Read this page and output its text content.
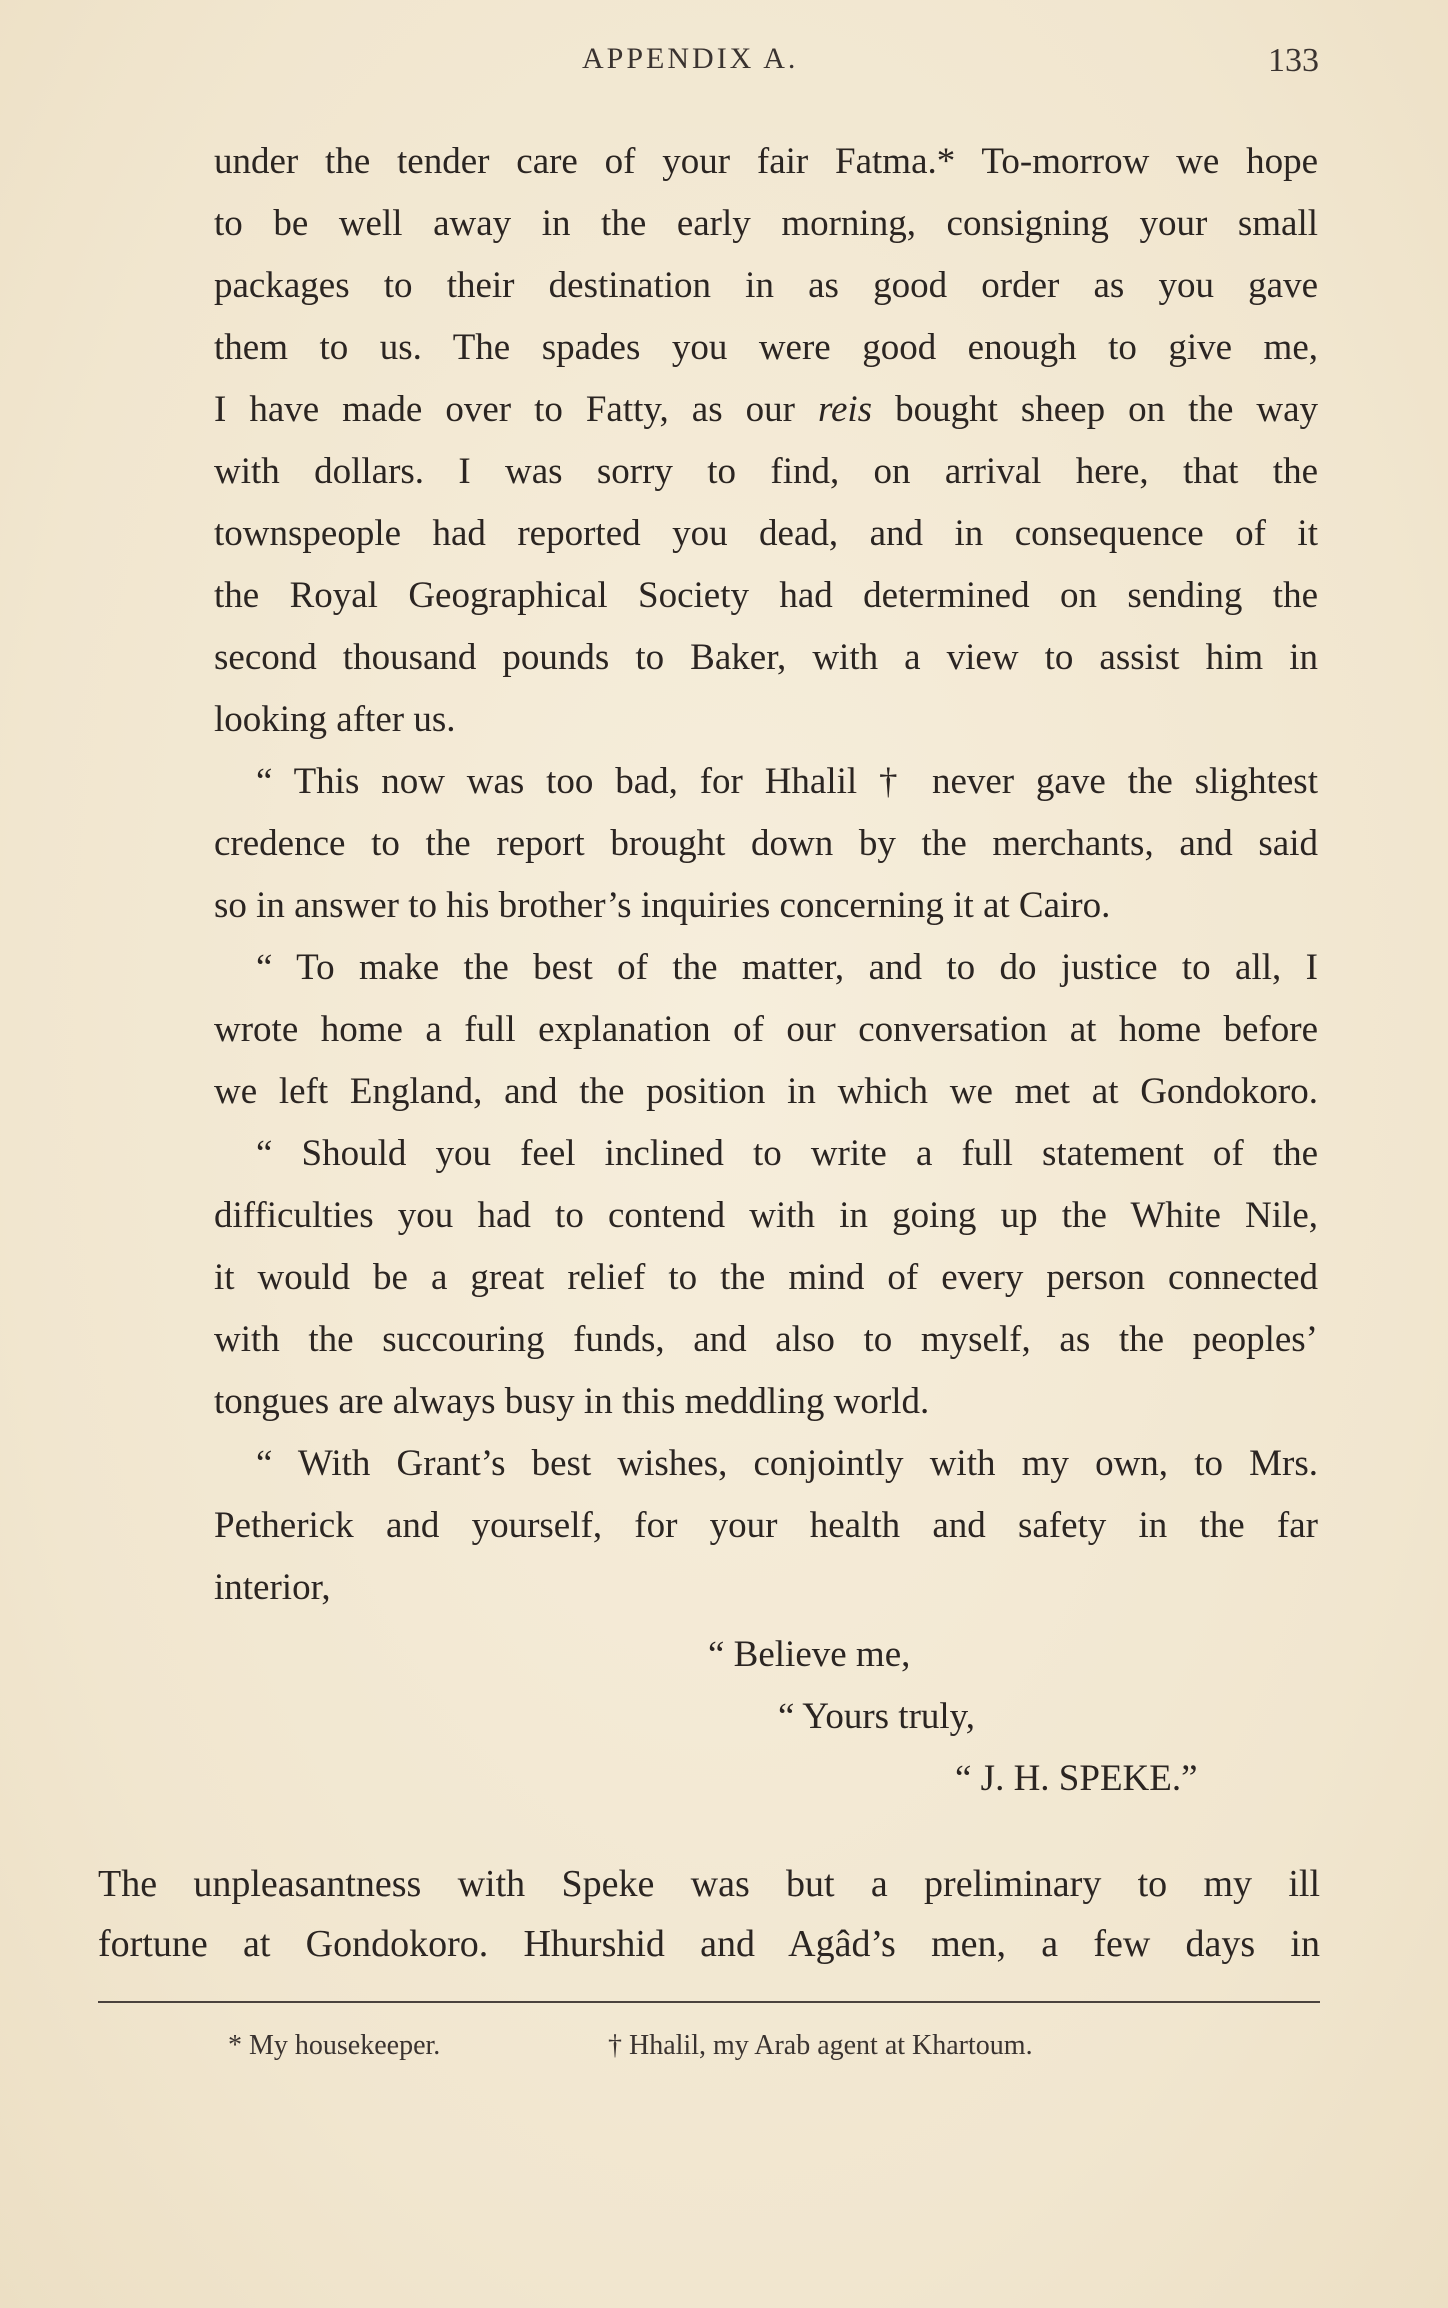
APPENDIX A.	133
under the tender care of your fair Fatma.* To-morrow we hope
to be well away in the early morning, consigning your small
packages to their destination in as good order as you gave
them to us. The spades you were good enough to give me,
I have made over to Fatty, as our reis bought sheep on the way
with dollars. I was sorry to find, on arrival here, that the
townspeople had reported you dead, and in consequence of it
the Royal Geographical Society had determined on sending the
second thousand pounds to Baker, with a view to assist him in
looking after us.
“ This now was too bad, for Hhalil † never gave the slightest
credence to the report brought down by the merchants, and said
so in answer to his brother’s inquiries concerning it at Cairo.
“ To make the best of the matter, and to do justice to all, I
wrote home a full explanation of our conversation at home before
we left England, and the position in which we met at Gondokoro.
“ Should you feel inclined to write a full statement of the
difficulties you had to contend with in going up the White Nile,
it would be a great relief to the mind of every person connected
with the succouring funds, and also to myself, as the peoples’
tongues are always busy in this meddling world.
“ With Grant’s best wishes, conjointly with my own, to Mrs.
Petherick and yourself, for your health and safety in the far
interior,
“ Believe me,
“ Yours truly,
“ J. H. SPEKE.”
The unpleasantness with Speke was but a preliminary to my ill
fortune at Gondokoro. Hhurshid and Agâd’s men, a few days in
* My housekeeper.	† Hhalil, my Arab agent at Khartoum.
